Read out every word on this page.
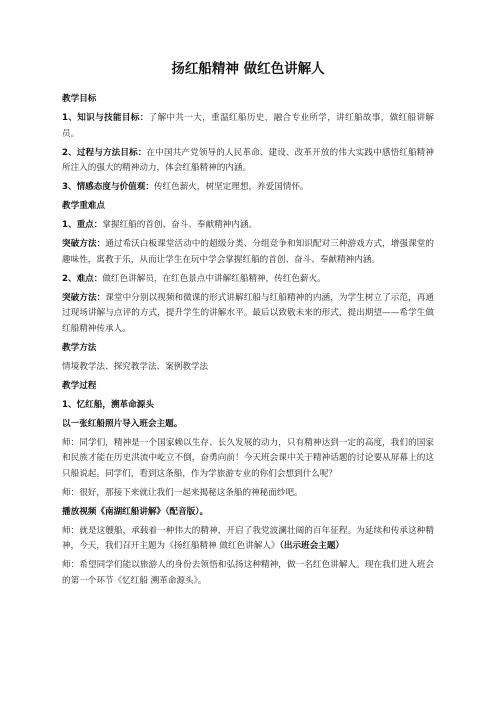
扬红船精神 做红色讲解人
教学目标
1、知识与技能目标：了解中共一大，重温红船历史，融合专业所学，讲红船故事，做红船讲解员。
2、过程与方法目标：在中国共产党领导的人民革命、建设、改革开放的伟大实践中感悟红船精神所注入的强大的精神动力，体会红船精神的内涵。
3、情感态度与价值观：传红色薪火，树坚定理想，养爱国情怀。
教学重难点
1、重点：掌握红船的首创、奋斗、奉献精神内涵。
突破方法：通过希沃白板课堂活动中的超级分类、分组竞争和知识配对三种游戏方式，增强课堂的趣味性，寓教于乐，从而让学生在玩中学会掌握红船的首创、奋斗、奉献精神内涵。
2、难点：做红色讲解员，在红色景点中讲解红船精神，传红色薪火。
突破方法：课堂中分别以视频和微课的形式讲解红船与红船精神的内涵，为学生树立了示范，再通过现场讲解与点评的方式，提升学生的讲解水平。最后以致敬未来的形式，提出期望——希学生做红船精神传承人。
教学方法
情境教学法、探究教学法、案例教学法
教学过程
1、忆红船，溯革命源头
以一张红船照片导入班会主题。
师：同学们，精神是一个国家赖以生存、长久发展的动力，只有精神达到一定的高度，我们的国家和民族才能在历史洪流中屹立不倒，奋勇向前！今天班会课中关于精神话题的讨论要从屏幕上的这只船说起。同学们，看到这条船，作为学旅游专业的你们会想到什么呢？
师：很好，那接下来就让我们一起来揭秘这条船的神秘面纱吧。
播放视频《南湖红船讲解》（配音版）。
师：就是这艘船，承载着一种伟大的精神，开启了我党波澜壮阔的百年征程。为延续和传承这种精神，今天，我们召开主题为《扬红船精神 做红色讲解人》（出示班会主题）
师：希望同学们能以旅游人的身份去领悟和弘扬这种精神，做一名红色讲解人。现在我们进入班会的第一个环节《忆红船 溯革命源头》。
